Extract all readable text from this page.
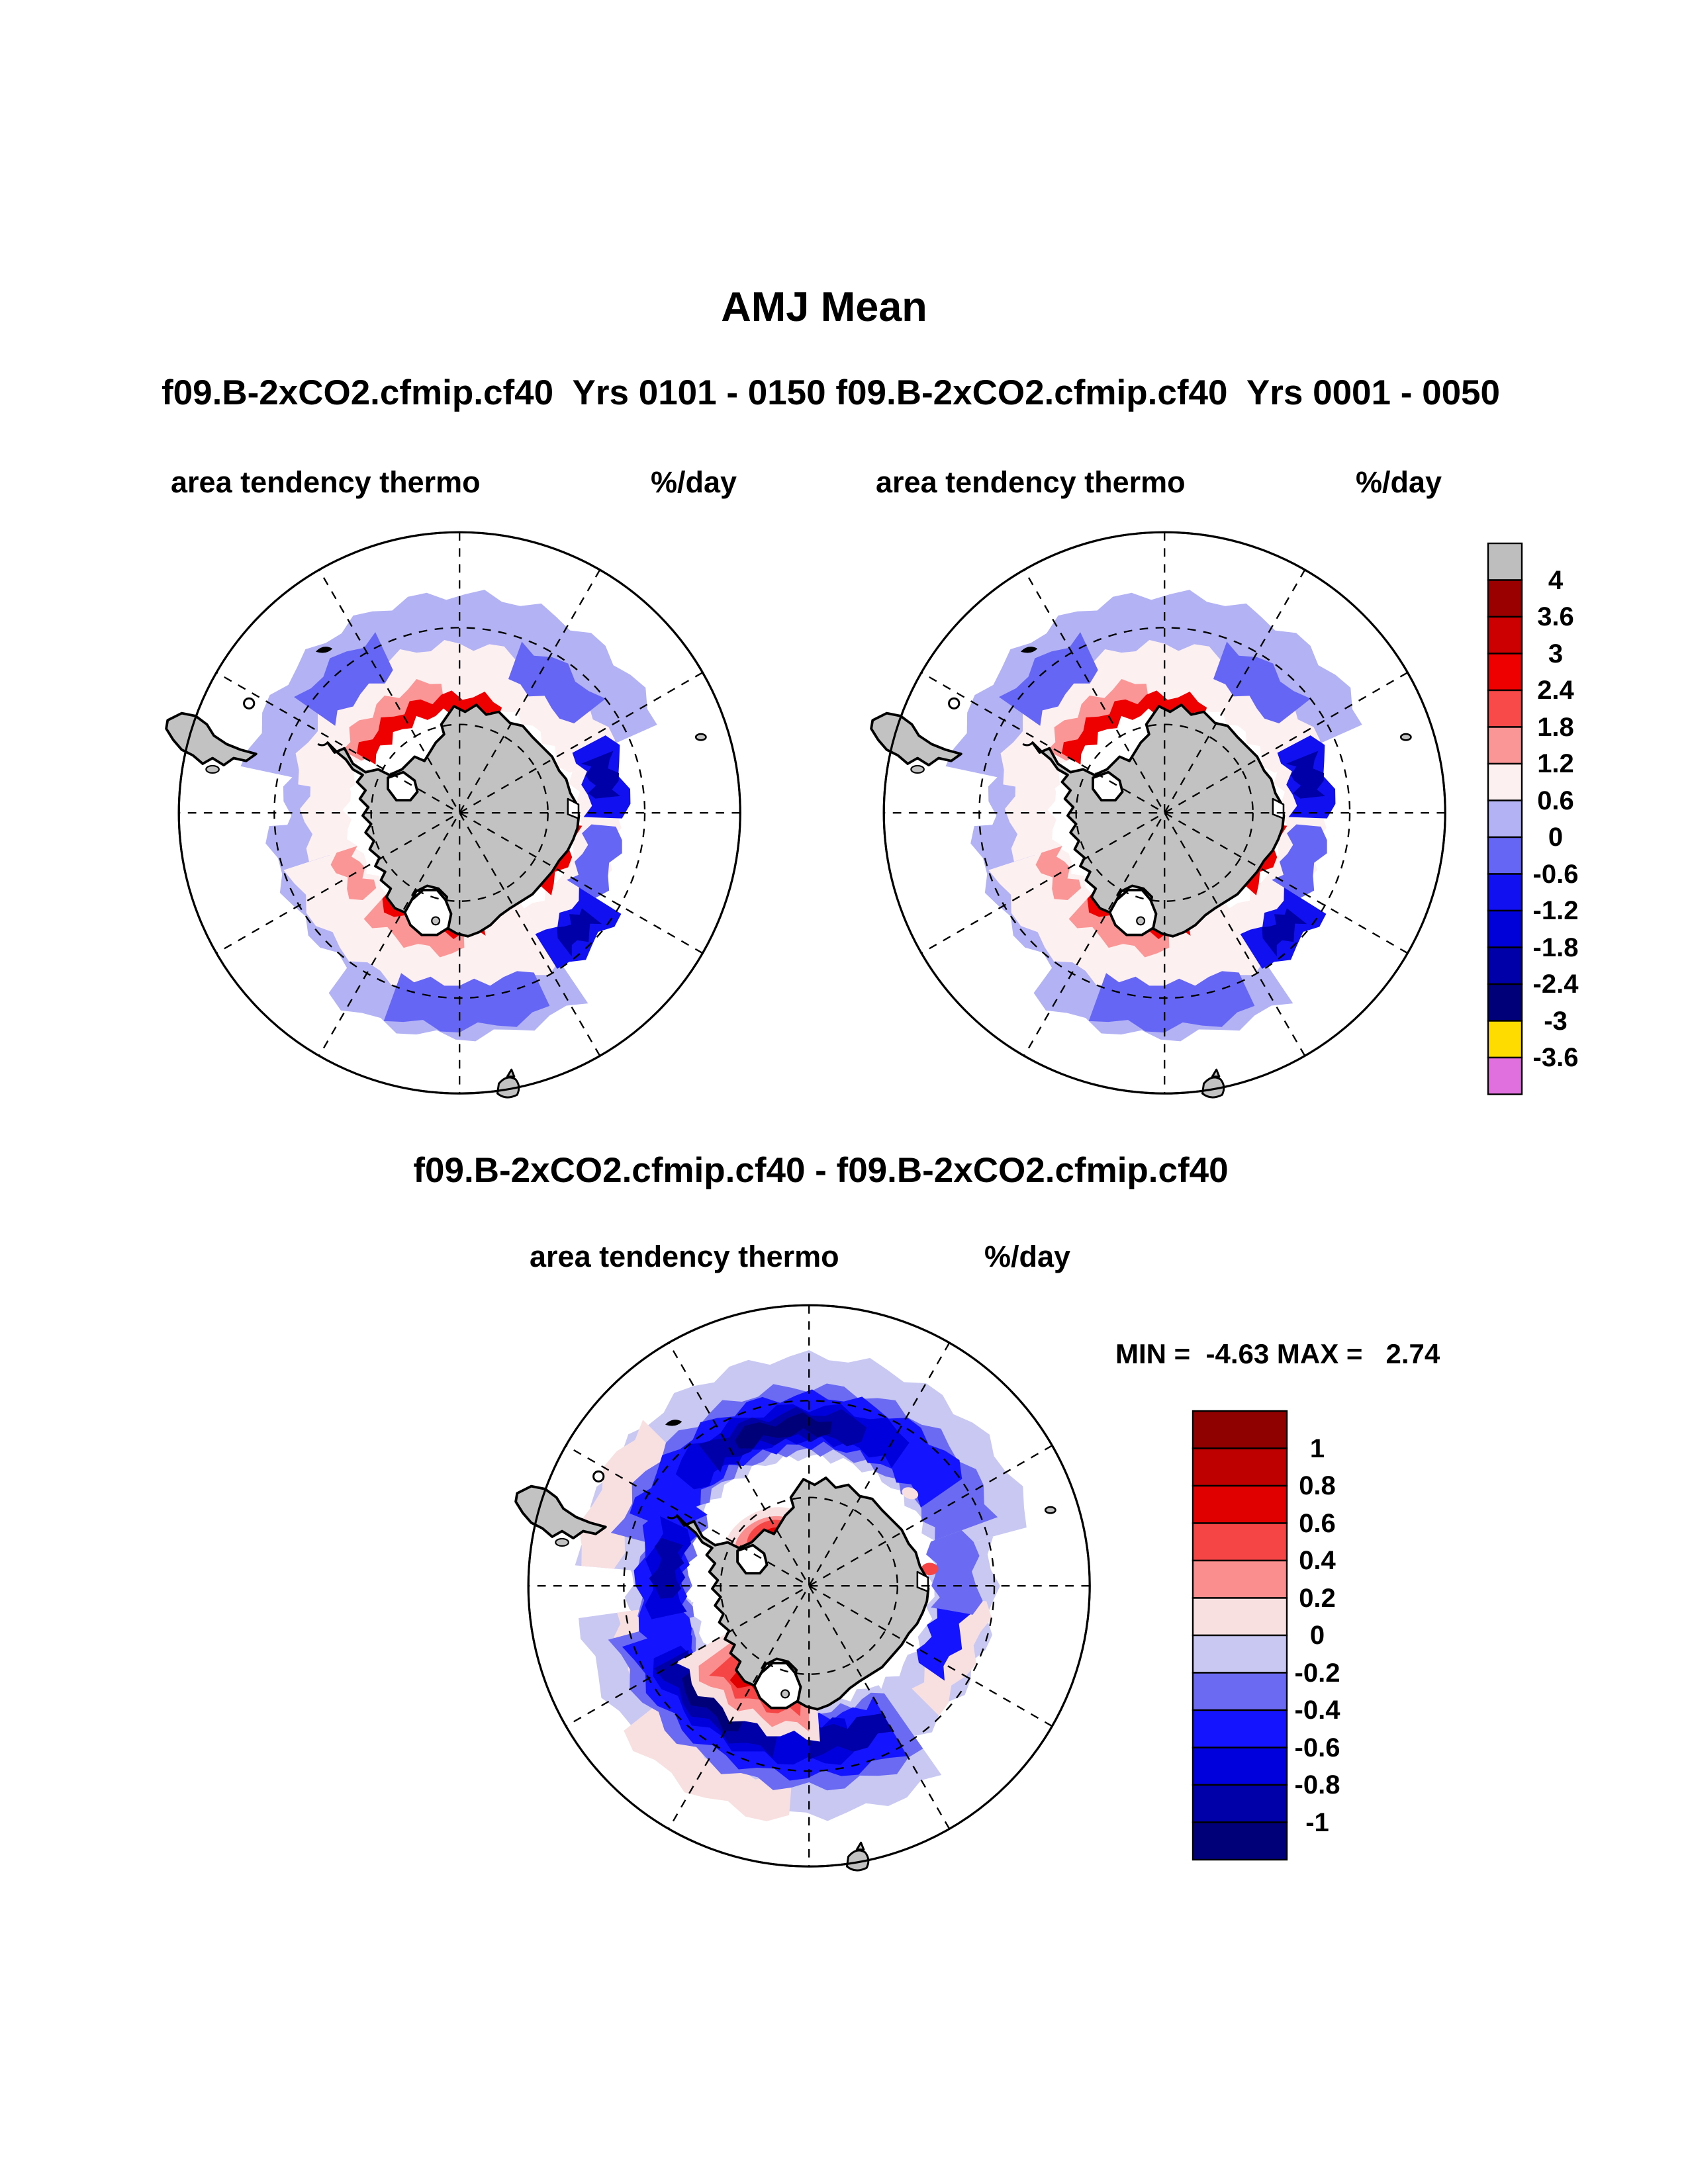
AMJ Mean
f09.B-2xCO2.cfmip.cf40  Yrs 0101 - 0150 f09.B-2xCO2.cfmip.cf40  Yrs 0001 - 0050
area tendency thermo	%/day	area tendency thermo	%/day
4
3.6
3
2.4
1.8
1.2
0.6
0
-0.6
-1.2
-1.8
-2.4
-3
-3.6
f09.B-2xCO2.cfmip.cf40 - f09.B-2xCO2.cfmip.cf40
area tendency thermo	%/day
MIN =  -4.63 MAX =   2.74
1
0.8
0.6
0.4
0.2
0
-0.2
-0.4
-0.6
-0.8
-1
